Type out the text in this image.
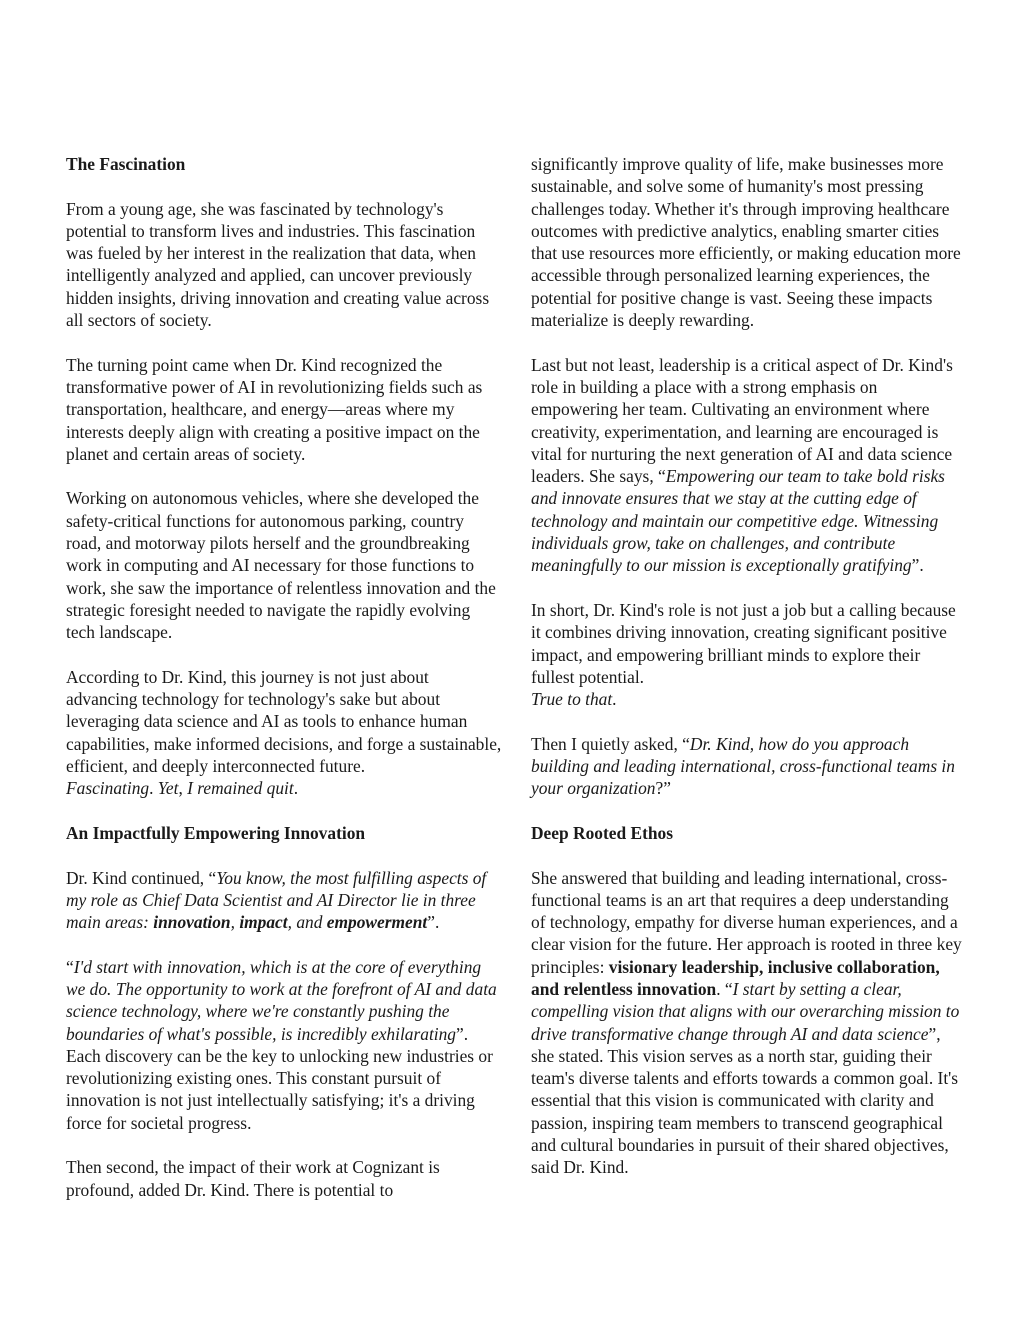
The Fascination

From a young age, she was fascinated by technology's potential to transform lives and industries. This fascination was fueled by her interest in the realization that data, when intelligently analyzed and applied, can uncover previously hidden insights, driving innovation and creating value across all sectors of society.

The turning point came when Dr. Kind recognized the transformative power of AI in revolutionizing fields such as transportation, healthcare, and energy—areas where my interests deeply align with creating a positive impact on the planet and certain areas of society.

Working on autonomous vehicles, where she developed the safety-critical functions for autonomous parking, country road, and motorway pilots herself and the groundbreaking work in computing and AI necessary for those functions to work, she saw the importance of relentless innovation and the strategic foresight needed to navigate the rapidly evolving tech landscape.

According to Dr. Kind, this journey is not just about advancing technology for technology's sake but about leveraging data science and AI as tools to enhance human capabilities, make informed decisions, and forge a sustainable, efficient, and deeply interconnected future.
Fascinating. Yet, I remained quit.

An Impactfully Empowering Innovation

Dr. Kind continued, “You know, the most fulfilling aspects of my role as Chief Data Scientist and AI Director lie in three main areas: innovation, impact, and empowerment”.

“I'd start with innovation, which is at the core of everything we do. The opportunity to work at the forefront of AI and data science technology, where we're constantly pushing the boundaries of what's possible, is incredibly exhilarating”. Each discovery can be the key to unlocking new industries or revolutionizing existing ones. This constant pursuit of innovation is not just intellectually satisfying; it's a driving force for societal progress.

Then second, the impact of their work at Cognizant is profound, added Dr. Kind. There is potential to

significantly improve quality of life, make businesses more sustainable, and solve some of humanity's most pressing challenges today. Whether it's through improving healthcare outcomes with predictive analytics, enabling smarter cities that use resources more efficiently, or making education more accessible through personalized learning experiences, the potential for positive change is vast. Seeing these impacts materialize is deeply rewarding.

Last but not least, leadership is a critical aspect of Dr. Kind's role in building a place with a strong emphasis on empowering her team. Cultivating an environment where creativity, experimentation, and learning are encouraged is vital for nurturing the next generation of AI and data science leaders. She says, “Empowering our team to take bold risks and innovate ensures that we stay at the cutting edge of technology and maintain our competitive edge. Witnessing individuals grow, take on challenges, and contribute meaningfully to our mission is exceptionally gratifying”.

In short, Dr. Kind's role is not just a job but a calling because it combines driving innovation, creating significant positive impact, and empowering brilliant minds to explore their fullest potential.
True to that.

Then I quietly asked, “Dr. Kind, how do you approach building and leading international, cross-functional teams in your organization?”

Deep Rooted Ethos

She answered that building and leading international, cross-functional teams is an art that requires a deep understanding of technology, empathy for diverse human experiences, and a clear vision for the future. Her approach is rooted in three key principles: visionary leadership, inclusive collaboration, and relentless innovation. “I start by setting a clear, compelling vision that aligns with our overarching mission to drive transformative change through AI and data science”, she stated. This vision serves as a north star, guiding their team's diverse talents and efforts towards a common goal. It's essential that this vision is communicated with clarity and passion, inspiring team members to transcend geographical and cultural boundaries in pursuit of their shared objectives, said Dr. Kind.
